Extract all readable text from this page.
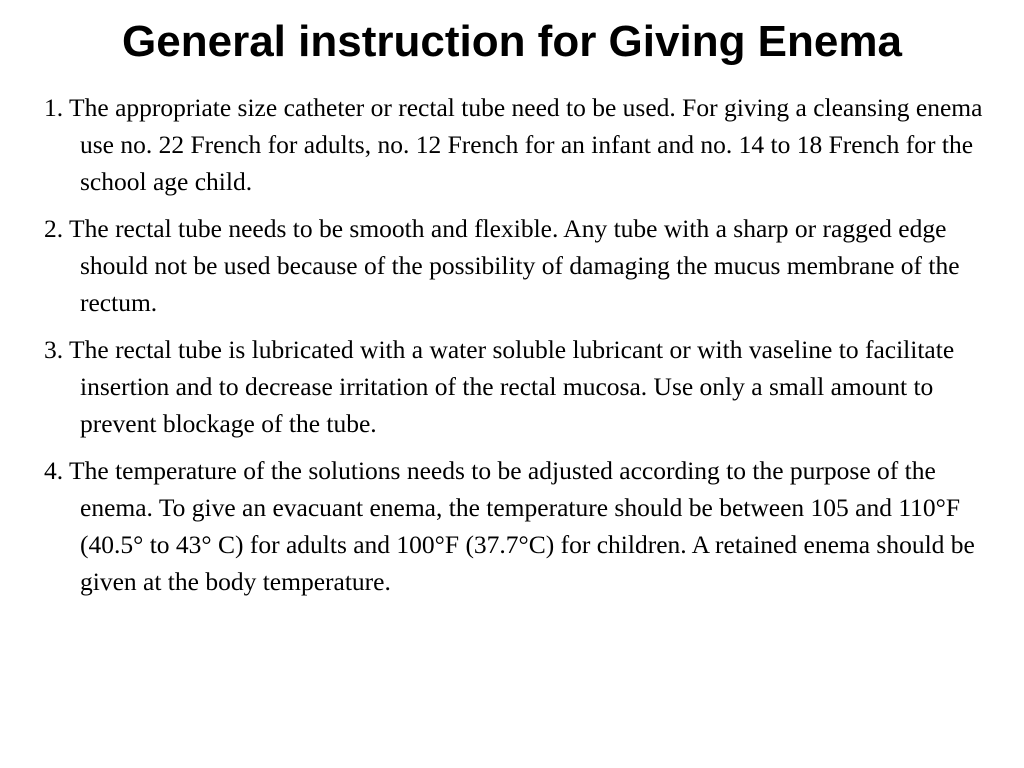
General instruction for Giving Enema

1. The appropriate size catheter or rectal tube need to be used. For giving a cleansing enema use no. 22 French for adults, no. 12 French for an infant and no. 14 to 18 French for the school age child.

2. The rectal tube needs to be smooth and flexible. Any tube with a sharp or ragged edge should not be used because of the possibility of damaging the mucus membrane of the rectum.

3. The rectal tube is lubricated with a water soluble lubricant or with vaseline to facilitate insertion and to decrease irritation of the rectal mucosa. Use only a small amount to prevent blockage of the tube.

4. The temperature of the solutions needs to be adjusted according to the purpose of the enema. To give an evacuant enema, the temperature should be between 105 and 110°F (40.5° to 43° C) for adults and 100°F (37.7°C) for children. A retained enema should be given at the body temperature.
